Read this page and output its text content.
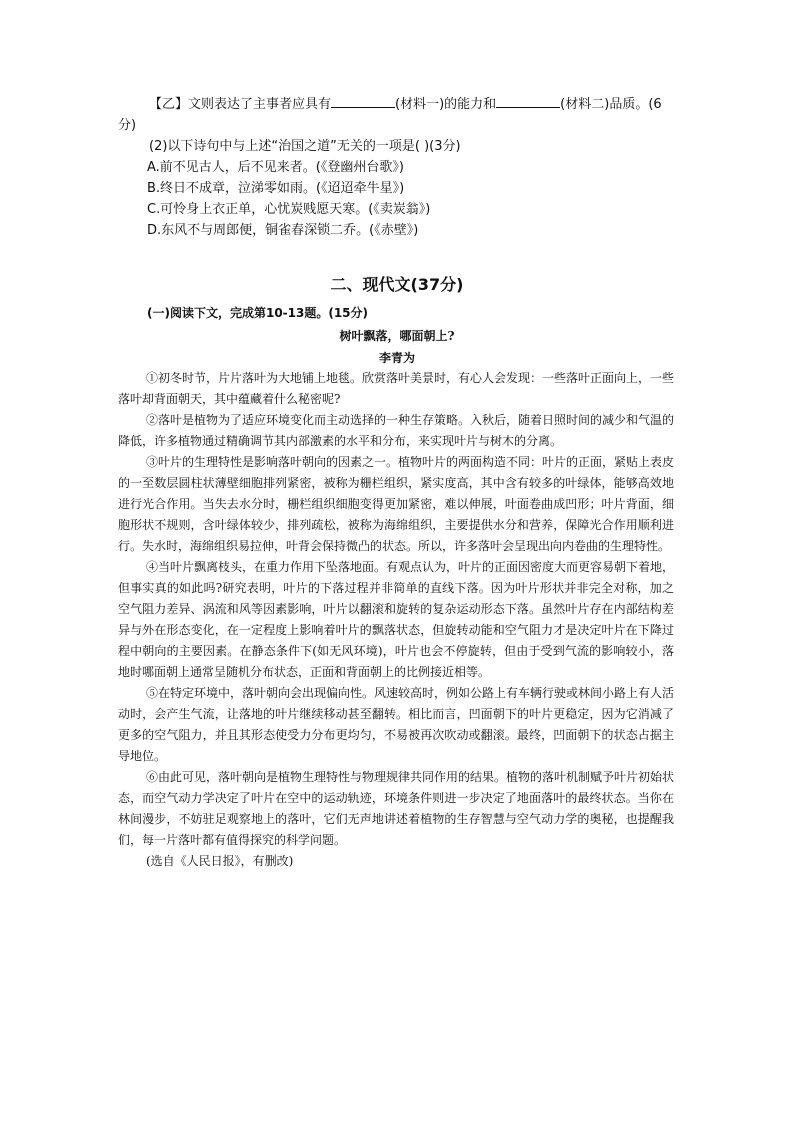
【乙】文则表达了主事者应具有	(材料一)的能力和	(材料二)品质。(6

分)

(2)以下诗句中与上述“治国之道”无关的一项是( )(3分)

A.前不见古人，后不见来者。(《登幽州台歌》)

B.终日不成章，泣涕零如雨。(《迢迢牵牛星》)

C.可怜身上衣正单，心忧炭贱愿天寒。(《卖炭翁》)

D.东风不与周郎便，铜雀春深锁二乔。(《赤壁》)

二、现代文(37分)
(一)阅读下文，完成第10-13题。(15分)
树叶飘落，哪面朝上?
李青为

①初冬时节，片片落叶为大地铺上地毯。欣赏落叶美景时，有心人会发现：一些落叶正面向上，一些落叶却背面朝天，其中蕴藏着什么秘密呢?

②落叶是植物为了适应环境变化而主动选择的一种生存策略。入秋后，随着日照时间的减少和气温的降低，许多植物通过精确调节其内部激素的水平和分布，来实现叶片与树木的分离。

③叶片的生理特性是影响落叶朝向的因素之一。植物叶片的两面构造不同：叶片的正面，紧贴上表皮的一至数层圆柱状薄壁细胞排列紧密，被称为栅栏组织，紧实度高，其中含有较多的叶绿体，能够高效地进行光合作用。当失去水分时，栅栏组织细胞变得更加紧密，难以伸展，叶面卷曲成凹形；叶片背面，细胞形状不规则，含叶绿体较少，排列疏松，被称为海绵组织，主要提供水分和营养，保障光合作用顺利进行。失水时，海绵组织易拉伸，叶背会保持微凸的状态。所以，许多落叶会呈现出向内卷曲的生理特性。

④当叶片飘离枝头，在重力作用下坠落地面。有观点认为，叶片的正面因密度大而更容易朝下着地，但事实真的如此吗?研究表明，叶片的下落过程并非简单的直线下落。因为叶片形状并非完全对称，加之空气阻力差异、涡流和风等因素影响，叶片以翻滚和旋转的复杂运动形态下落。虽然叶片存在内部结构差异与外在形态变化，在一定程度上影响着叶片的飘落状态，但旋转动能和空气阻力才是决定叶片在下降过程中朝向的主要因素。在静态条件下(如无风环境)，叶片也会不停旋转，但由于受到气流的影响较小，落地时哪面朝上通常呈随机分布状态，正面和背面朝上的比例接近相等。

⑤在特定环境中，落叶朝向会出现偏向性。风速较高时，例如公路上有车辆行驶或林间小路上有人活动时，会产生气流，让落地的叶片继续移动甚至翻转。相比而言，凹面朝下的叶片更稳定，因为它消减了更多的空气阻力，并且其形态使受力分布更均匀，不易被再次吹动或翻滚。最终，凹面朝下的状态占据主导地位。

⑥由此可见，落叶朝向是植物生理特性与物理规律共同作用的结果。植物的落叶机制赋予叶片初始状态，而空气动力学决定了叶片在空中的运动轨迹，环境条件则进一步决定了地面落叶的最终状态。当你在林间漫步，不妨驻足观察地上的落叶，它们无声地讲述着植物的生存智慧与空气动力学的奥秘，也提醒我们，每一片落叶都有值得探究的科学问题。

(选自《人民日报》，有删改)
